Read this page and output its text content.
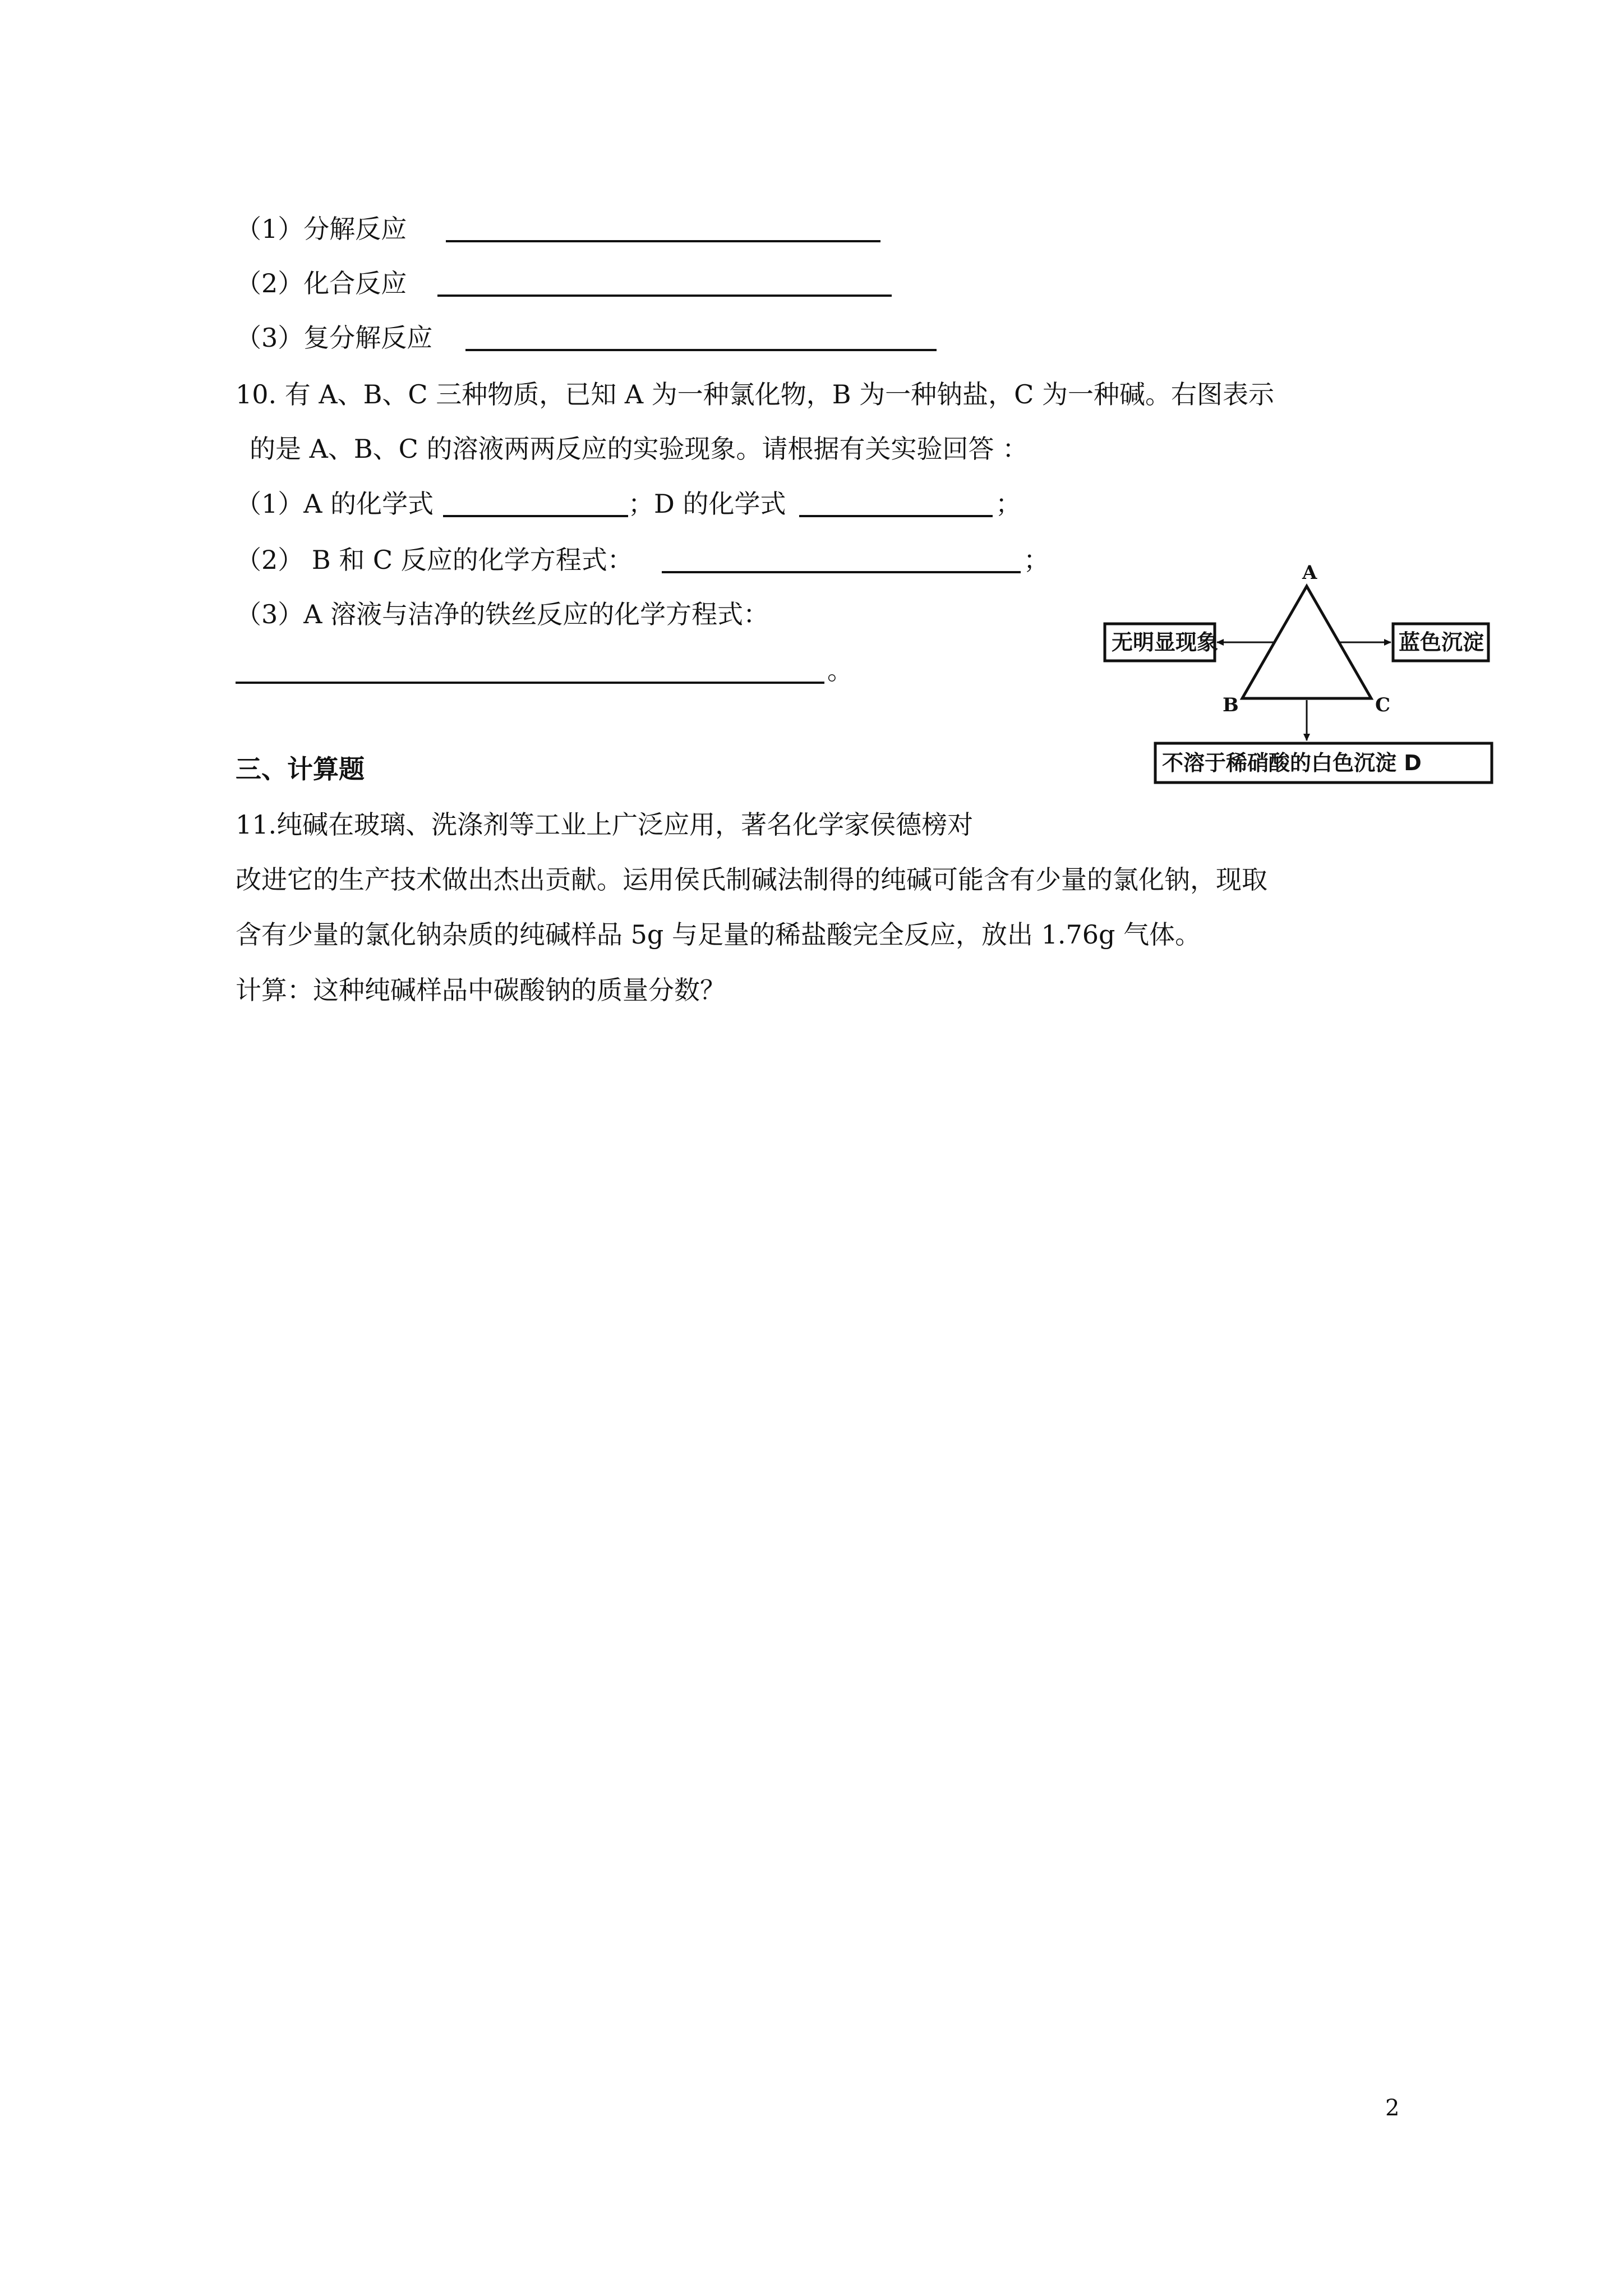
（1）分解反应
（2）化合反应
（3）复分解反应
10. 有 A、B、C 三种物质，已知 A 为一种氯化物，B 为一种钠盐，C 为一种碱。右图表示
的是 A、B、C 的溶液两两反应的实验现象。请根据有关实验回答 ：
（1）A 的化学式	；D 的化学式	；
（2） B 和 C 反应的化学方程式：	；
（3）A 溶液与洁净的铁丝反应的化学方程式：
。
A
B	C
无明显现象	蓝色沉淀
不溶于稀硝酸的白色沉淀 D
三、计算题
11.纯碱在玻璃、洗涤剂等工业上广泛应用，著名化学家侯德榜对
改进它的生产技术做出杰出贡献。运用侯氏制碱法制得的纯碱可能含有少量的氯化钠，现取
含有少量的氯化钠杂质的纯碱样品 5g 与足量的稀盐酸完全反应，放出 1.76g 气体。
计算：这种纯碱样品中碳酸钠的质量分数？
2
